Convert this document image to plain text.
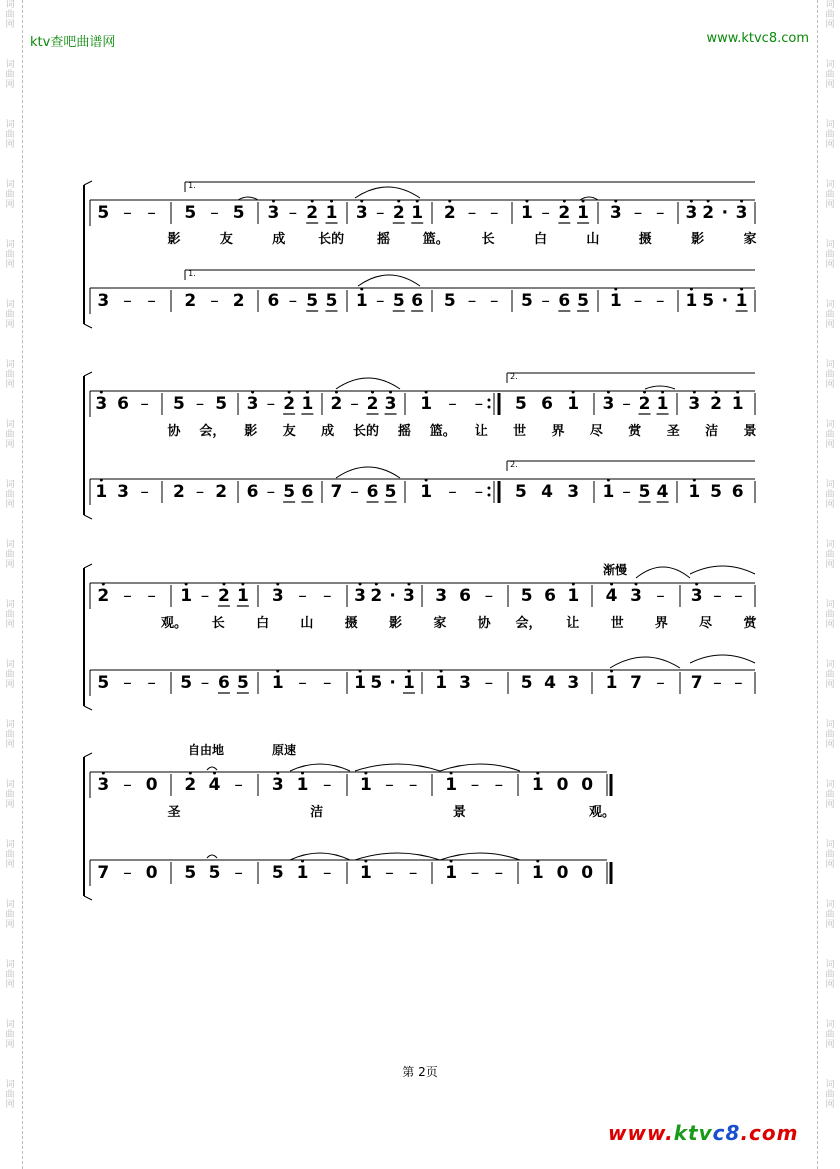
词
曲
网
词
曲
网
词
曲
网
词
曲
网
词
曲
网
词
曲
网
词
曲
网
词
曲
网
词
曲
网
词
曲
网
词
曲
网
词
曲
网
词
曲
网
词
曲
网
词
曲
网
词
曲
网
词
曲
网
词
曲
网
词
曲
网
词
曲
网
词
曲
网
词
曲
网
词
曲
网
词
曲
网
词
曲
网
词
曲
网
词
曲
网
词
曲
网
词
曲
网
词
曲
网
词
曲
网
词
曲
网
词
曲
网
词
曲
网
词
曲
网
词
曲
网
词
曲
网
词
曲
网
ktv查吧曲谱网	www.ktvc8.com
5 – – 5 – 5 3 – 2 1 3 – 2 1 2 – – 1 – 2 1 3 – – 3 2 · 3
3 – – 2 – 2 6 – 5 5 1 – 5 6 5 – – 5 – 6 5 1 – – 1 5 · 1
影	友	成	长的	摇	篮。	长	白	山	摄	影	家
3 6 – 5 – 5 3 – 2 1 2 – 2 3 1 – – 5 6 1 3 – 2 1 3 2 1
1 3 – 2 – 2 6 – 5 6 7 – 6 5 1 – – 5 4 3 1 – 5 4 1 5 6
协 会， 影 友 成 长的 摇 篮。 让 世 界 尽 赏 圣 洁 景
2 – – 1 – 2 1 3 – – 3 2 · 3 3 6 – 5 6 1 4 3 – 3 – –
5 – – 5 – 6 5 1 – – 1 5 · 1 1 3 – 5 4 3 1 7 – 7 – –
观。 长 白 山 摄 影 家 协 会， 让 世 界 尽 赏
3 – 0 2 4 – 3 1 – 1 – – 1 – – 1 0 0
7 – 0 5 5 – 5 1 – 1 – – 1 – – 1 0 0
圣	洁	景	观。
1.
1.
2.
2.
渐慢
自由地	原速
第 2页
www.ktvc8.com
